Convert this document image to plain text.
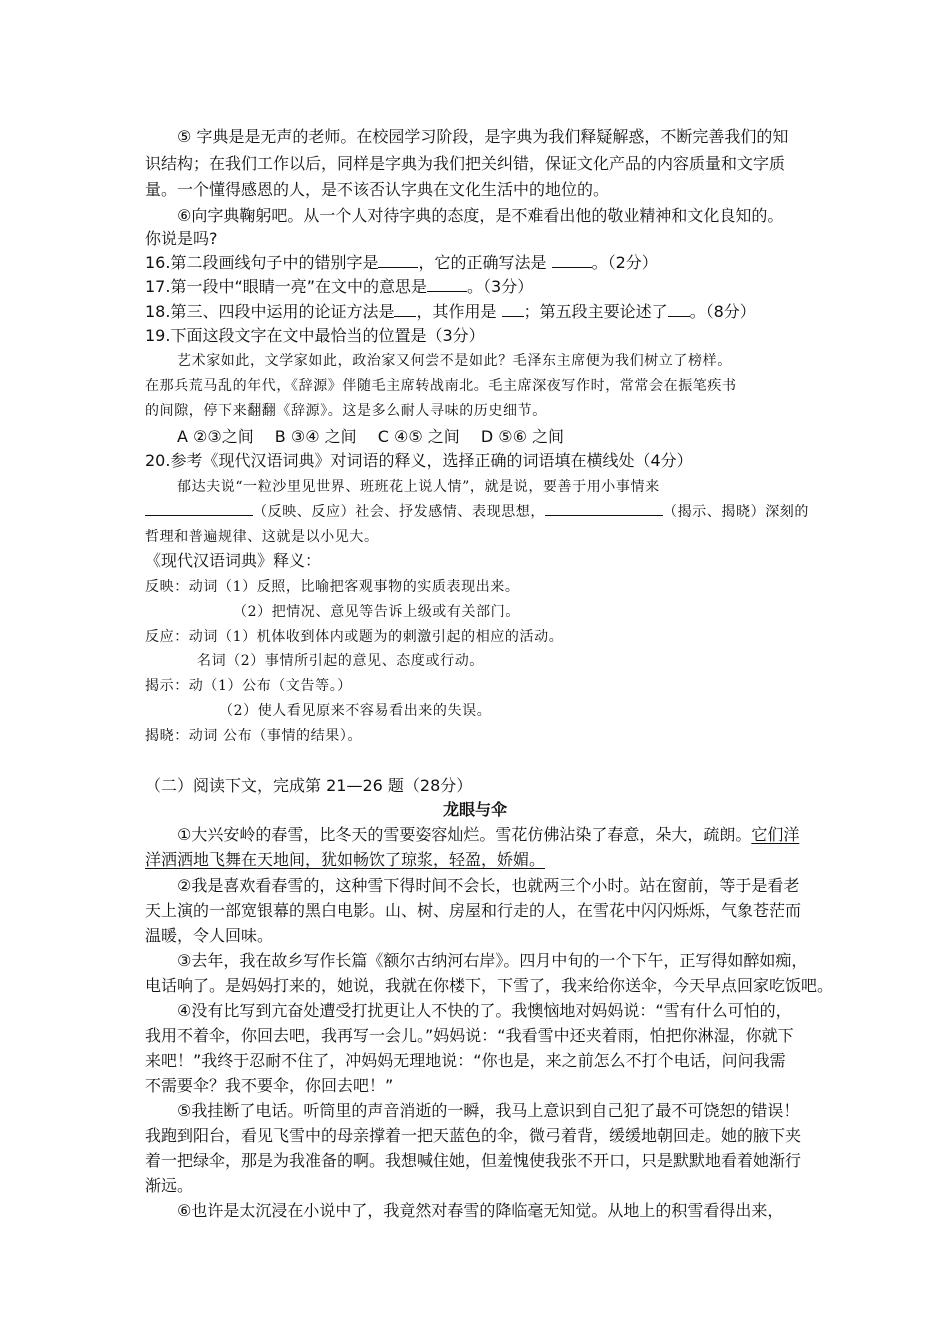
⑤ 字典是是无声的老师。在校园学习阶段，是字典为我们释疑解惑，不断完善我们的知
识结构；在我们工作以后，同样是字典为我们把关纠错，保证文化产品的内容质量和文字质
量。一个懂得感恩的人，是不该否认字典在文化生活中的地位的。
⑥向字典鞠躬吧。从一个人对待字典的态度，是不难看出他的敬业精神和文化良知的。
你说是吗?
16.第二段画线句子中的错别字是	，它的正确写法是	。（2分）
17.第一段中“眼睛一亮”在文中的意思是	。（3分）
18.第三、四段中运用的论证方法是 ，其作用是 ；第五段主要论述了 。（8分）
19.下面这段文字在文中最恰当的位置是（3分）
艺术家如此，文学家如此，政治家又何尝不是如此？毛泽东主席便为我们树立了榜样。
在那兵荒马乱的年代，《辞源》伴随毛主席转战南北。毛主席深夜写作时，常常会在振笔疾书
的间隙，停下来翻翻《辞源》。这是多么耐人寻味的历史细节。
A ②③之间　 B ③④ 之间　 C ④⑤ 之间　 D ⑤⑥ 之间
20.参考《现代汉语词典》对词语的释义，选择正确的词语填在横线处（4分）
郁达夫说“一粒沙里见世界、班班花上说人情”，就是说，要善于用小事情来
（反映、反应）社会、抒发感情、表现思想，	（揭示、揭晓）深刻的
哲理和普遍规律、这就是以小见大。
《现代汉语词典》释义：
反映：动词（1）反照，比喻把客观事物的实质表现出来。
（2）把情况、意见等告诉上级或有关部门。
反应：动词（1）机体收到体内或题为的刺激引起的相应的活动。
名词（2）事情所引起的意见、态度或行动。
揭示：动（1）公布（文告等。）
（2）使人看见原来不容易看出来的失误。
揭晓：动词 公布（事情的结果）。
（二）阅读下文，完成第 21—26 题（28分）
龙眼与伞
①大兴安岭的春雪，比冬天的雪要姿容灿烂。雪花仿佛沾染了春意，朵大，疏朗。它们洋
洋洒洒地飞舞在天地间，犹如畅饮了琼浆，轻盈，娇媚。
②我是喜欢看春雪的，这种雪下得时间不会长，也就两三个小时。站在窗前，等于是看老
天上演的一部宽银幕的黑白电影。山、树、房屋和行走的人，在雪花中闪闪烁烁，气象苍茫而
温暖，令人回味。
③去年，我在故乡写作长篇《额尔古纳河右岸》。四月中旬的一个下午，正写得如醉如痴，
电话响了。是妈妈打来的，她说，我就在你楼下，下雪了，我来给你送伞，今天早点回家吃饭吧。
④没有比写到亢奋处遭受打扰更让人不快的了。我懊恼地对妈妈说：“雪有什么可怕的，
我用不着伞，你回去吧，我再写一会儿。”妈妈说：“我看雪中还夹着雨，怕把你淋湿，你就下
来吧！”我终于忍耐不住了，冲妈妈无理地说：“你也是，来之前怎么不打个电话，问问我需
不需要伞？我不要伞，你回去吧！”
⑤我挂断了电话。听筒里的声音消逝的一瞬，我马上意识到自己犯了最不可饶恕的错误！
我跑到阳台，看见飞雪中的母亲撑着一把天蓝色的伞，微弓着背，缓缓地朝回走。她的腋下夹
着一把绿伞，那是为我准备的啊。我想喊住她，但羞愧使我张不开口，只是默默地看着她渐行
渐远。
⑥也许是太沉浸在小说中了，我竟然对春雪的降临毫无知觉。从地上的积雪看得出来，
